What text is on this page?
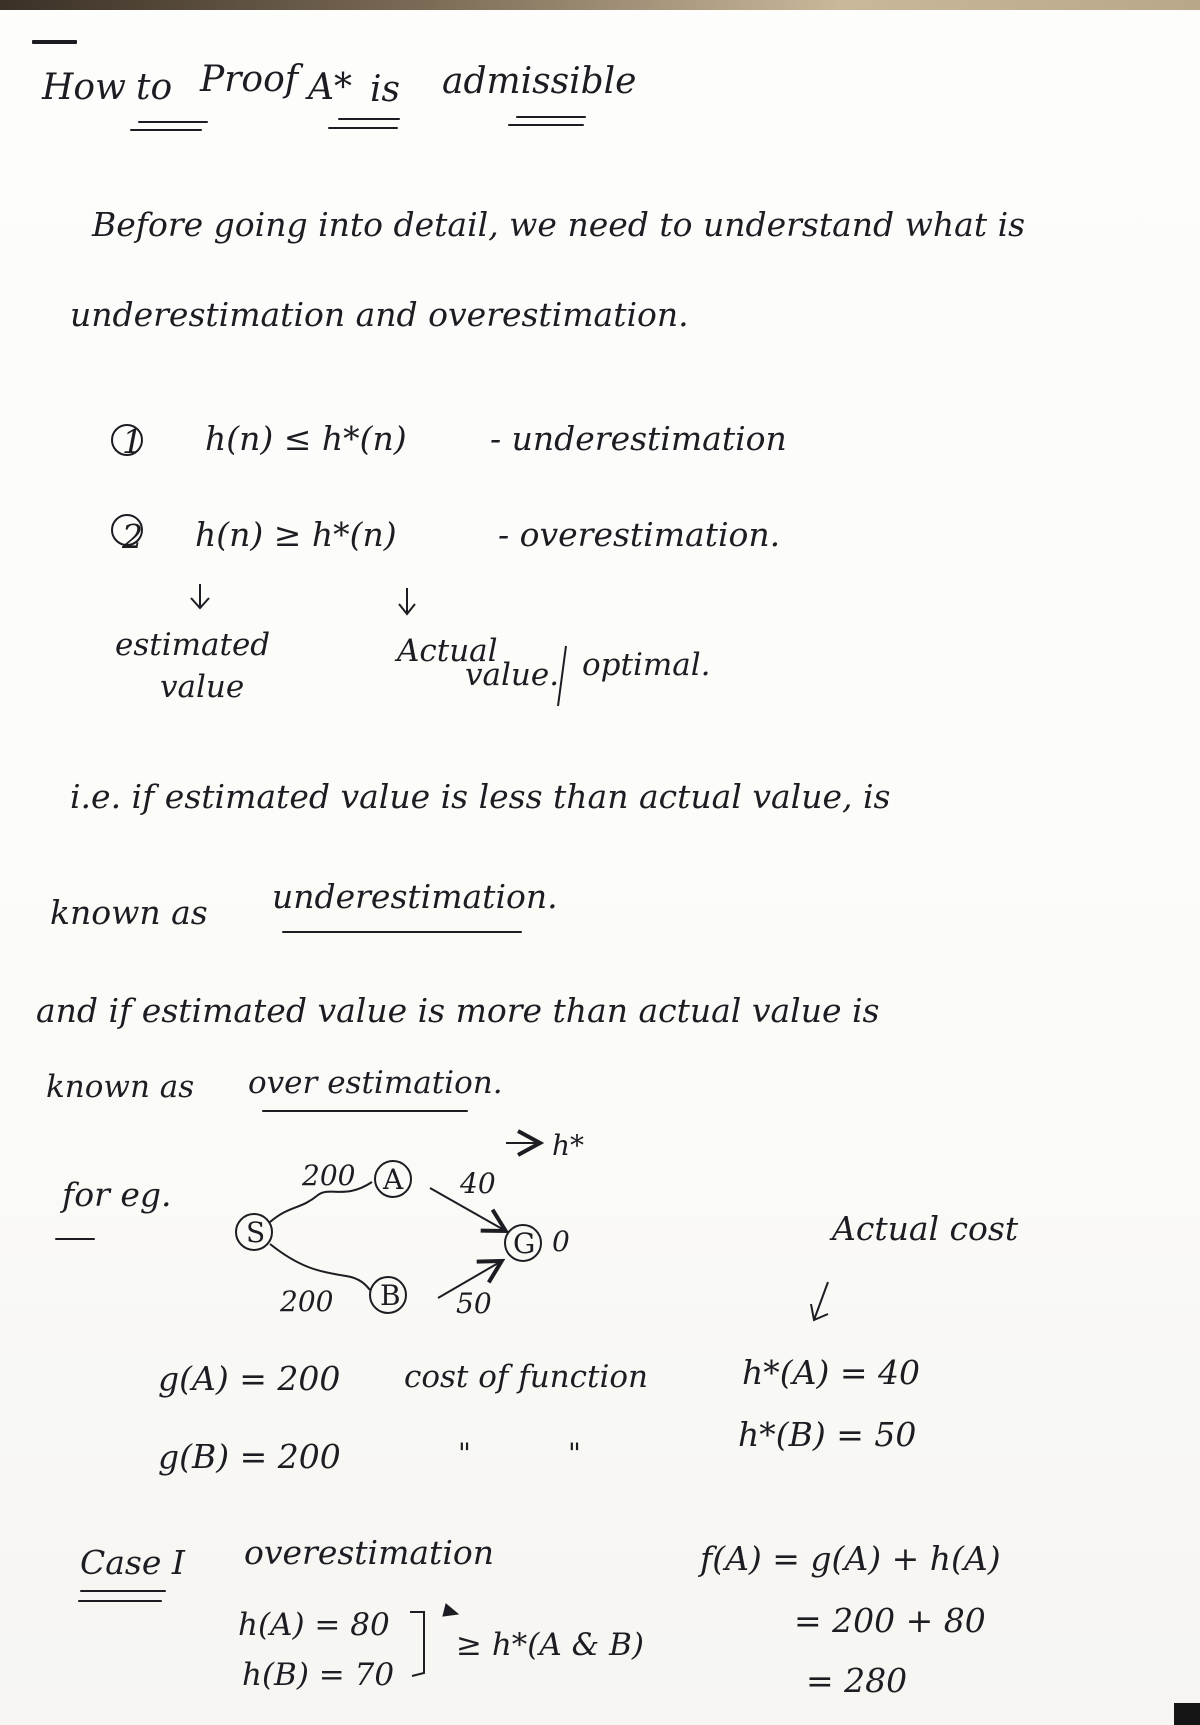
How to Proof A* is admissible
Before going into detail, we need to understand what is
underestimation and overestimation.
1 h(n) ≤ h*(n)	- underestimation
2 h(n) ≥ h*(n)	- overestimation.
estimated
value
Actual
value. optimal.
i.e. if estimated value is less than actual value, is
known as underestimation.
and if estimated value is more than actual value is
known as over estimation.
for eg.
S
A
B
G 0
200
200
40
50
h*
Actual cost
g(A) = 200
g(B) = 200
cost of function
"	"
h*(A) = 40
h*(B) = 50
Case I overestimation
h(A) = 80
h(B) = 70
≥ h*(A & B)
f(A) = g(A) + h(A)
= 200 + 80
= 280
